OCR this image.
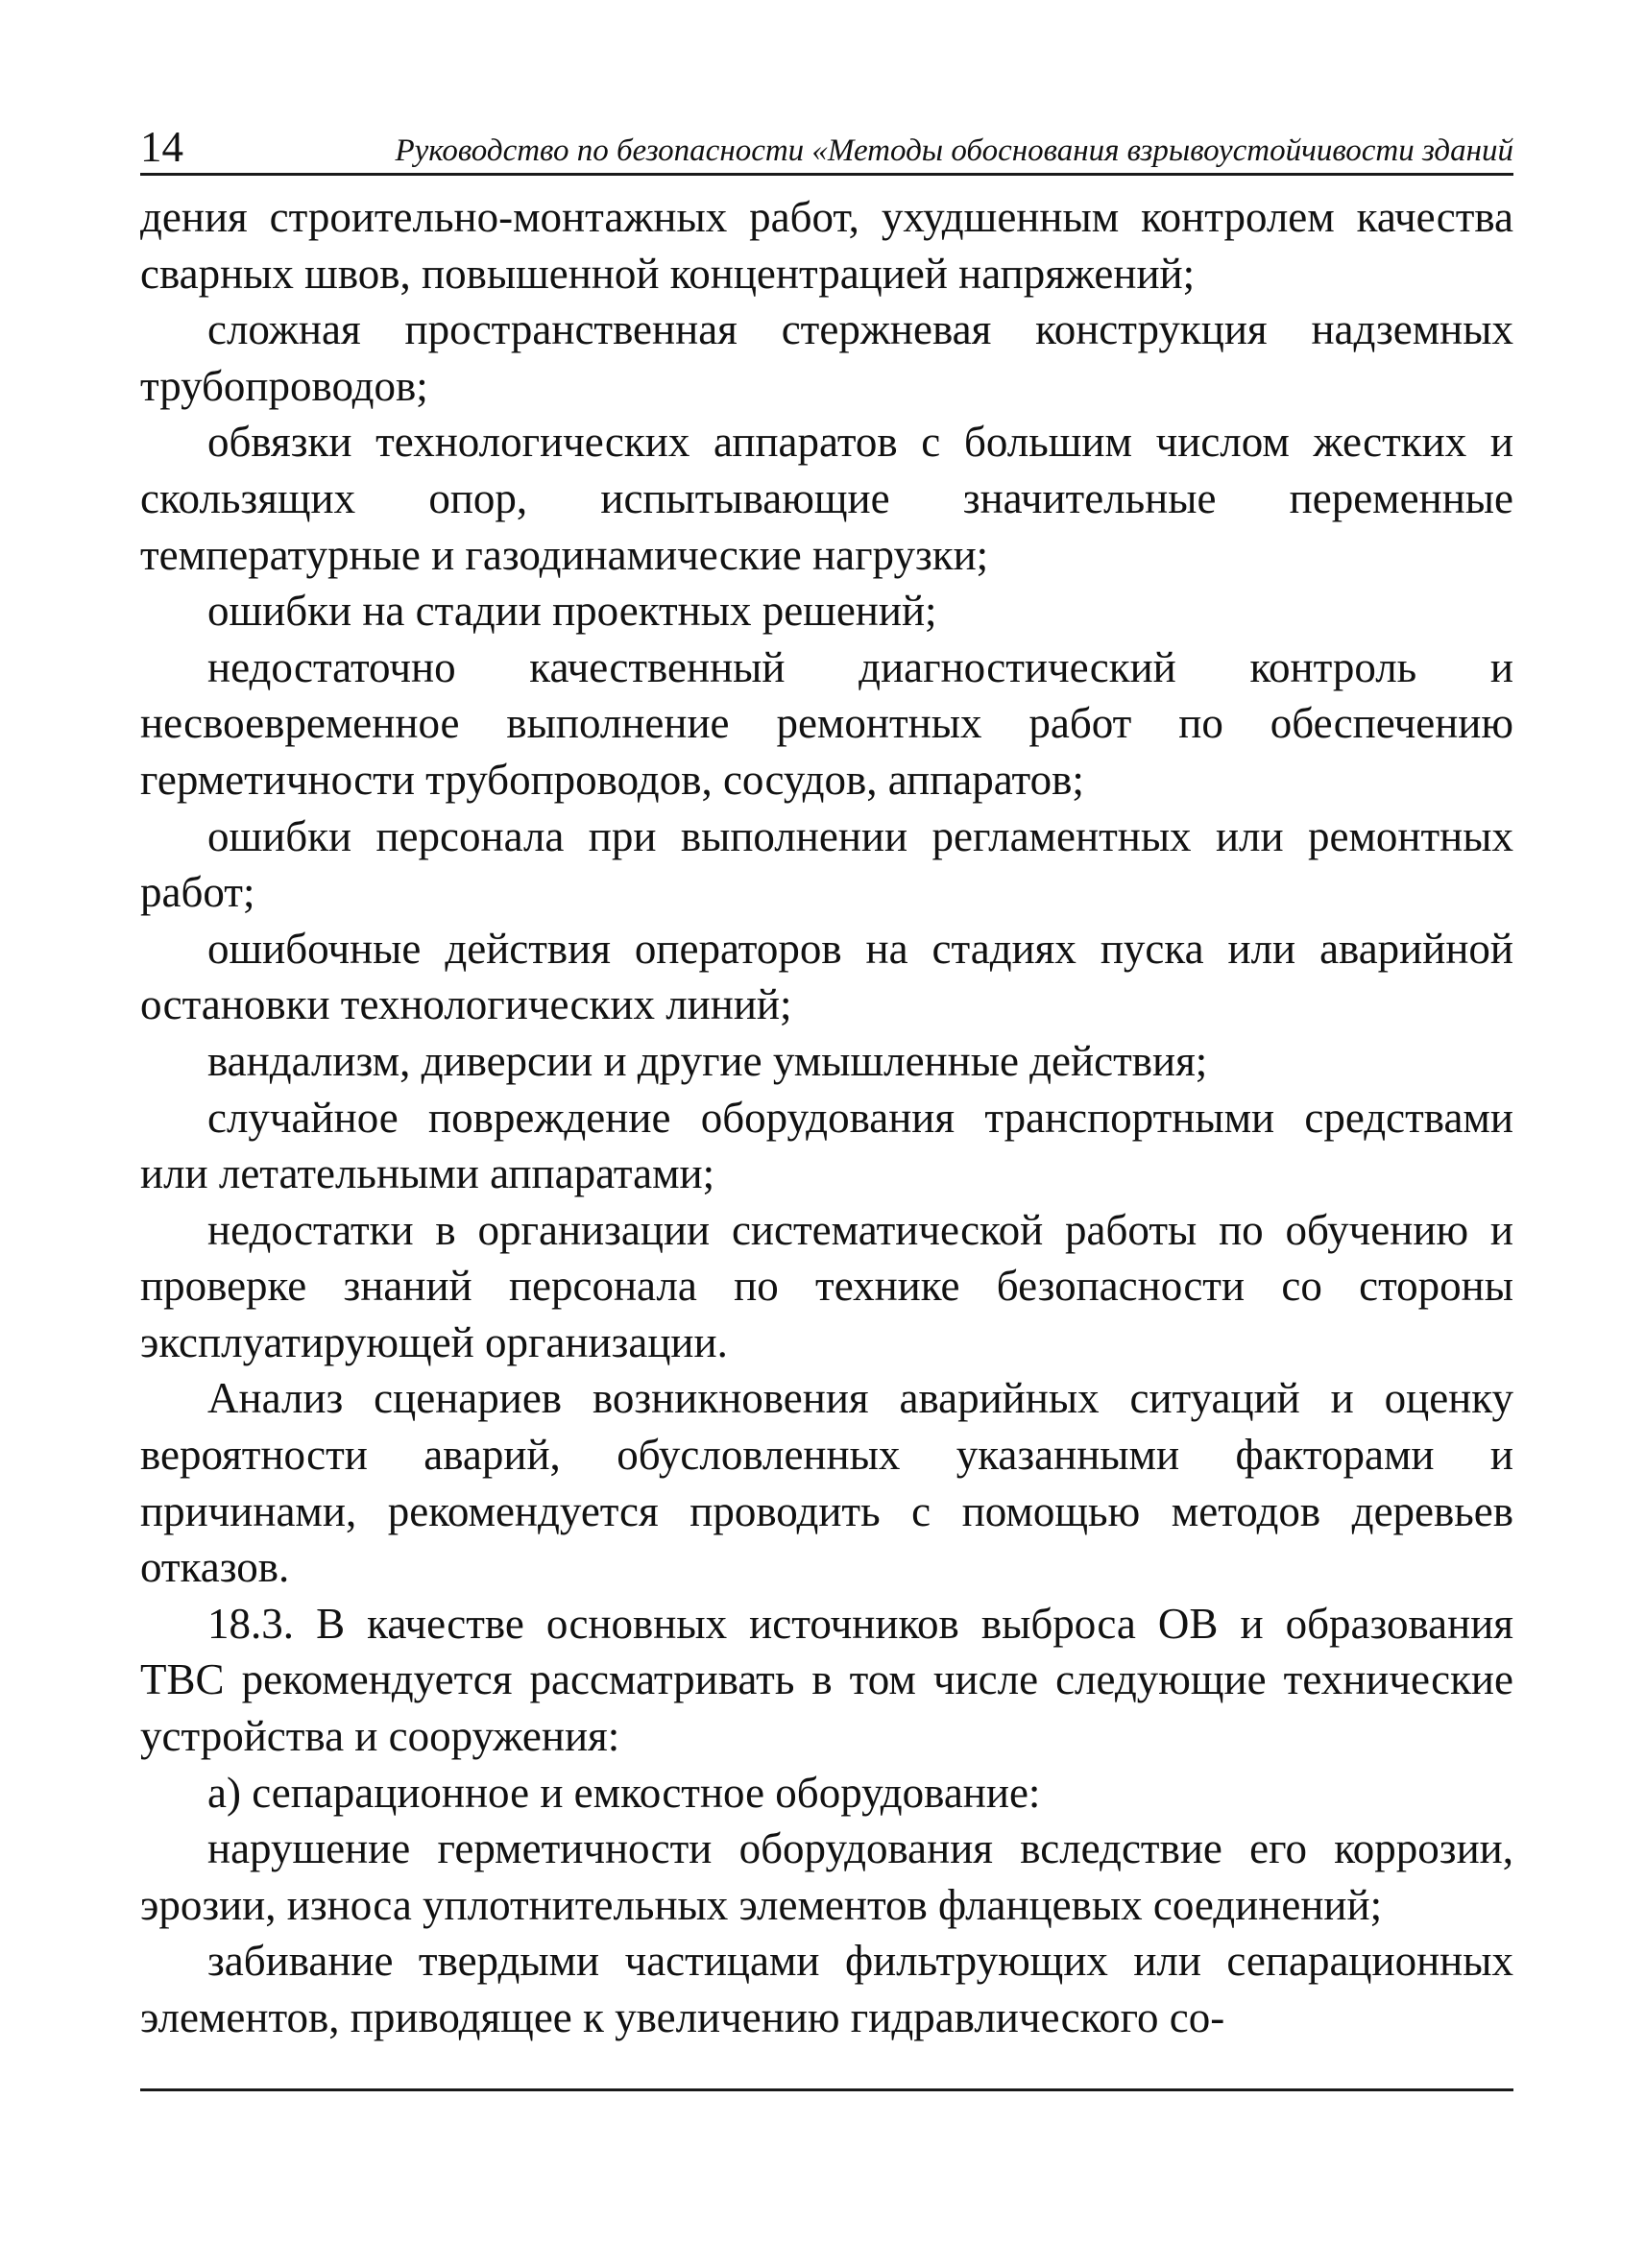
14	Руководство по безопасности «Методы обоснования взрывоустойчивости зданий

дения строительно-монтажных работ, ухудшенным контролем качества сварных швов, повышенной концентрацией напряжений;

сложная пространственная стержневая конструкция надземных трубопроводов;

обвязки технологических аппаратов с большим числом жестких и скользящих опор, испытывающие значительные переменные температурные и газодинамические нагрузки;

ошибки на стадии проектных решений;

недостаточно качественный диагностический контроль и несвоевременное выполнение ремонтных работ по обеспечению герметичности трубопроводов, сосудов, аппаратов;

ошибки персонала при выполнении регламентных или ремонтных работ;

ошибочные действия операторов на стадиях пуска или аварийной остановки технологических линий;

вандализм, диверсии и другие умышленные действия;

случайное повреждение оборудования транспортными средствами или летательными аппаратами;

недостатки в организации систематической работы по обучению и проверке знаний персонала по технике безопасности со стороны эксплуатирующей организации.

Анализ сценариев возникновения аварийных ситуаций и оценку вероятности аварий, обусловленных указанными факторами и причинами, рекомендуется проводить с помощью методов деревьев отказов.

18.3. В качестве основных источников выброса ОВ и образования ТВС рекомендуется рассматривать в том числе следующие технические устройства и сооружения:

а) сепарационное и емкостное оборудование:

нарушение герметичности оборудования вследствие его коррозии, эрозии, износа уплотнительных элементов фланцевых соединений;

забивание твердыми частицами фильтрующих или сепарационных элементов, приводящее к увеличению гидравлического со-
